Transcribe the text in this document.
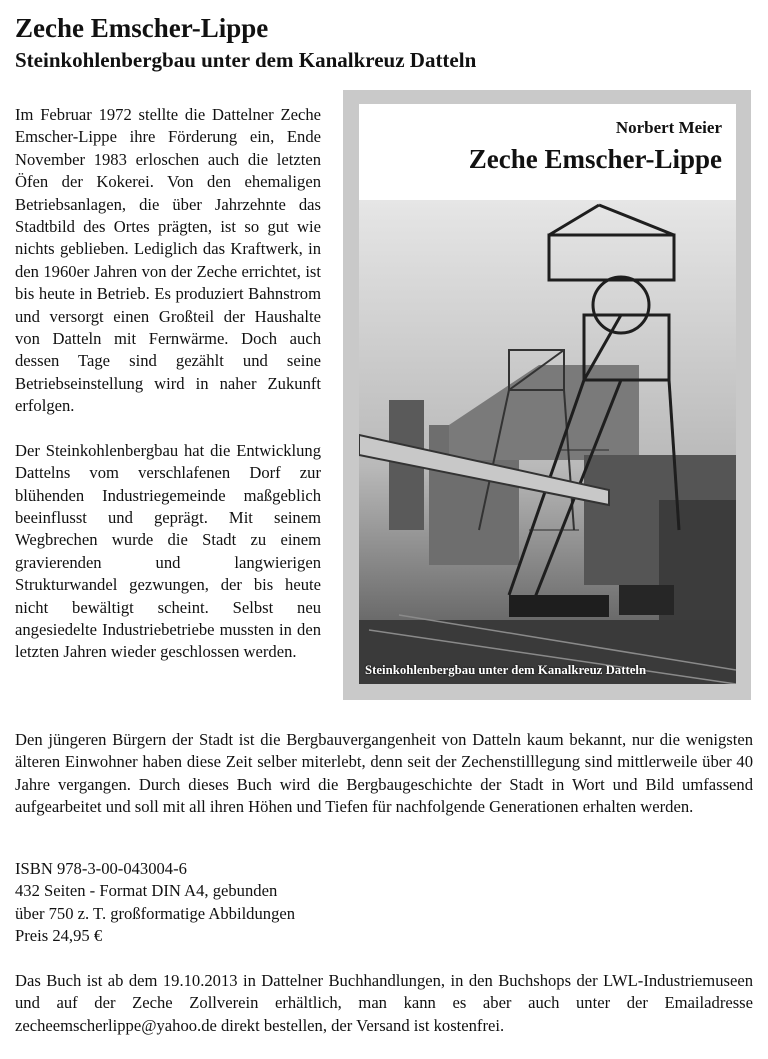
Zeche Emscher-Lippe
Steinkohlenbergbau unter dem Kanalkreuz Datteln

Im Februar 1972 stellte die Dattelner Zeche Emscher-Lippe ihre Förderung ein, Ende November 1983 erloschen auch die letzten Öfen der Kokerei. Von den ehemaligen Betriebsanlagen, die über Jahrzehnte das Stadtbild des Ortes prägten, ist so gut wie nichts geblieben. Lediglich das Kraftwerk, in den 1960er Jahren von der Zeche errichtet, ist bis heute in Betrieb. Es produziert Bahnstrom und versorgt einen Großteil der Haushalte von Datteln mit Fernwärme. Doch auch dessen Tage sind gezählt und seine Betriebseinstellung wird in naher Zukunft erfolgen.

Der Steinkohlenbergbau hat die Entwicklung Dattelns vom verschlafenen Dorf zur blühenden Industriegemeinde maßgeblich beeinflusst und geprägt. Mit seinem Wegbrechen wurde die Stadt zu einem gravierenden und langwierigen Strukturwandel gezwungen, der bis heute nicht bewältigt scheint. Selbst neu angesiedelte Industriebetriebe mussten in den letzten Jahren wieder geschlossen werden.

Norbert Meier
Zeche Emscher-Lippe
Steinkohlenbergbau unter dem Kanalkreuz Datteln

Den jüngeren Bürgern der Stadt ist die Bergbauvergangenheit von Datteln kaum bekannt, nur die wenigsten älteren Einwohner haben diese Zeit selber miterlebt, denn seit der Zechenstilllegung sind mittlerweile über 40 Jahre vergangen. Durch dieses Buch wird die Bergbaugeschichte der Stadt in Wort und Bild umfassend aufgearbeitet und soll mit all ihren Höhen und Tiefen für nachfolgende Generationen erhalten werden.

ISBN 978-3-00-043004-6
432 Seiten - Format DIN A4, gebunden
über 750 z. T. großformatige Abbildungen
Preis 24,95 €

Das Buch ist ab dem 19.10.2013 in Dattelner Buchhandlungen, in den Buchshops der LWL-Industriemuseen und auf der Zeche Zollverein erhältlich, man kann es aber auch unter der Emailadresse zecheemscherlippe@yahoo.de direkt bestellen, der Versand ist kostenfrei.
